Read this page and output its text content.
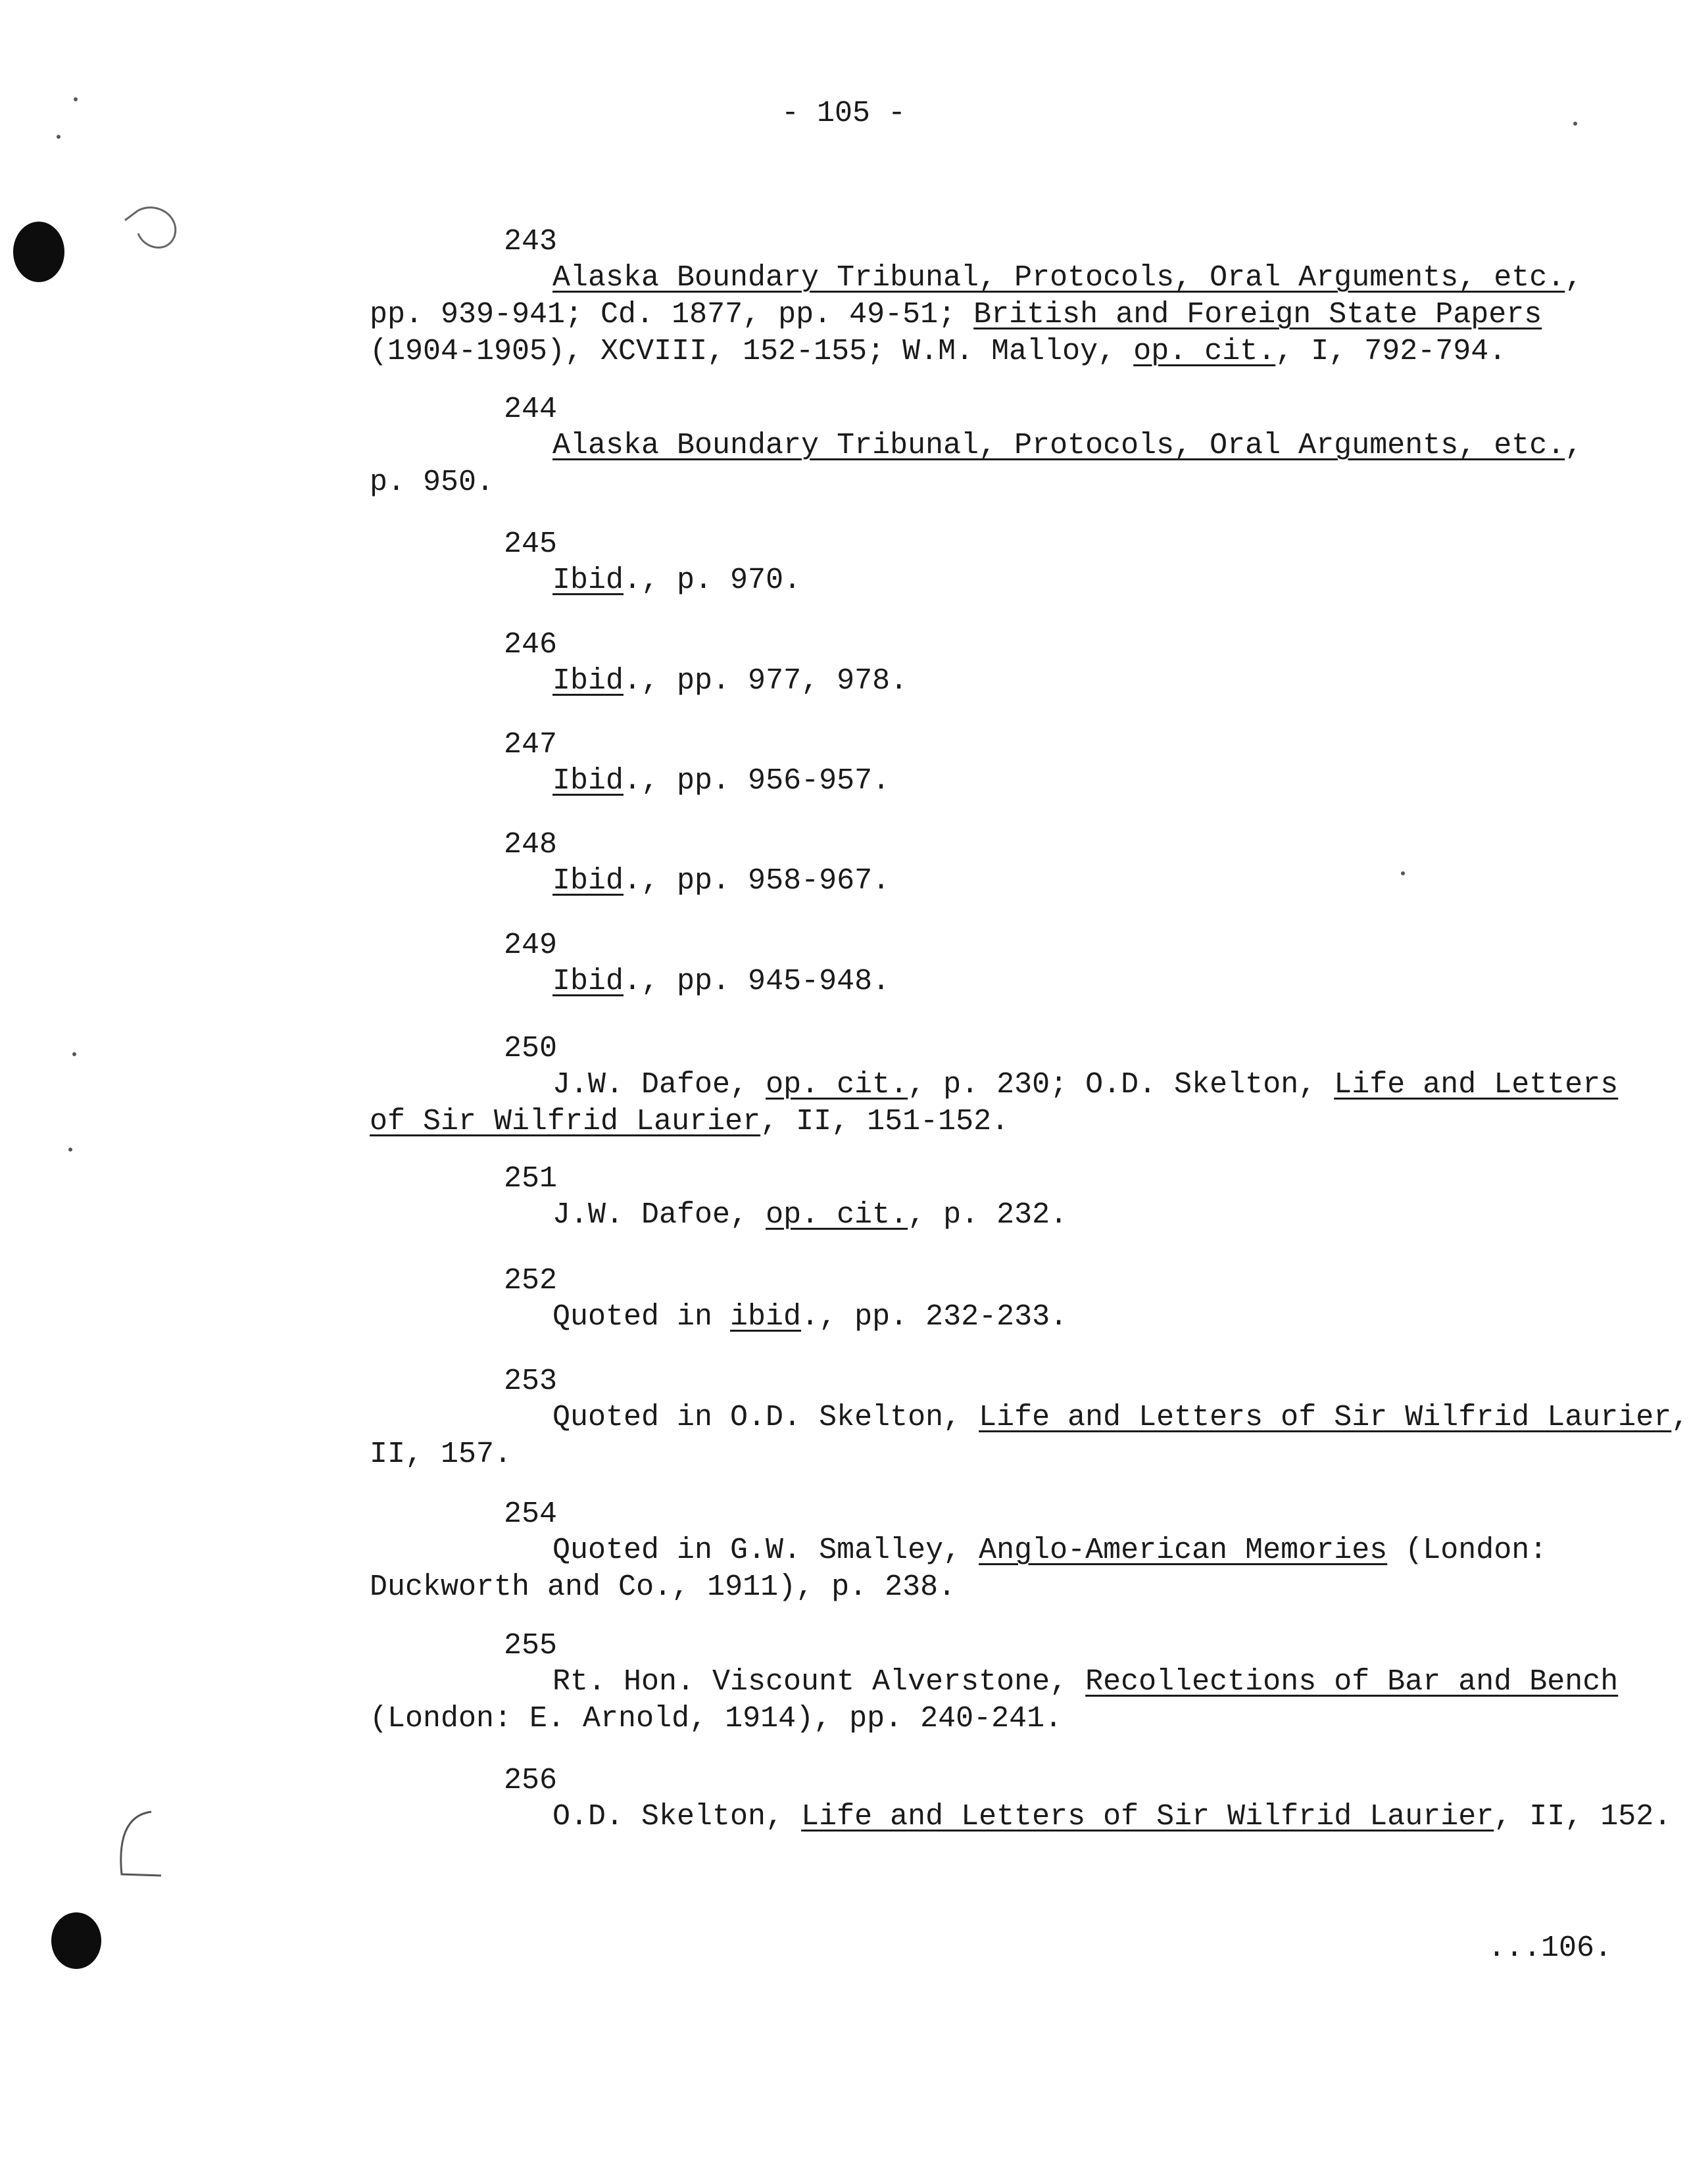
- 105 -
243
Alaska Boundary Tribunal, Protocols, Oral Arguments, etc.,
pp. 939-941; Cd. 1877, pp. 49-51; British and Foreign State Papers
(1904-1905), XCVIII, 152-155; W.M. Malloy, op. cit., I, 792-794.
244
Alaska Boundary Tribunal, Protocols, Oral Arguments, etc.,
p. 950.
245
Ibid., p. 970.
246
Ibid., pp. 977, 978.
247
Ibid., pp. 956-957.
248
Ibid., pp. 958-967.
249
Ibid., pp. 945-948.
250
J.W. Dafoe, op. cit., p. 230; O.D. Skelton, Life and Letters
of Sir Wilfrid Laurier, II, 151-152.
251
J.W. Dafoe, op. cit., p. 232.
252
Quoted in ibid., pp. 232-233.
253
Quoted in O.D. Skelton, Life and Letters of Sir Wilfrid Laurier,
II, 157.
254
Quoted in G.W. Smalley, Anglo-American Memories (London:
Duckworth and Co., 1911), p. 238.
255
Rt. Hon. Viscount Alverstone, Recollections of Bar and Bench
(London: E. Arnold, 1914), pp. 240-241.
256
O.D. Skelton, Life and Letters of Sir Wilfrid Laurier, II, 152.
...106.
